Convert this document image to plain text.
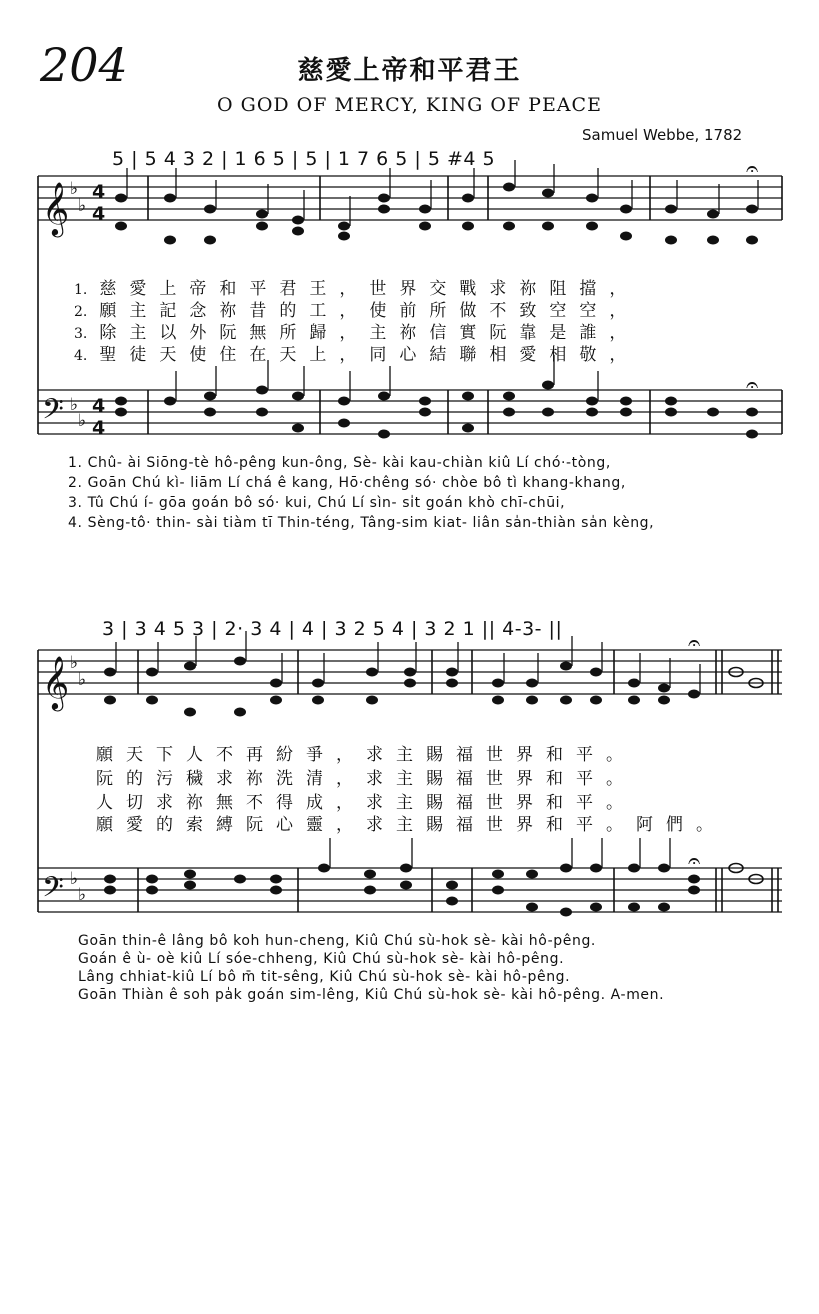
204	慈愛上帝和平君王
O GOD OF MERCY, KING OF PEACE
Samuel Webbe, 1782
5 | 5 4 3 2 | 1 6 5 | 5 | 1 7 6 5 | 5 #4 5
𝄞
𝄢
𝄞
𝄢
♭
♭
♭
♭
♭
♭
♭
♭
4
4
4
4
𝄐
𝄐
𝄐
𝄐
1. 慈愛上帝和平君王，世界交戰求祢阻擋，
2. 願主記念祢昔的工，使前所做不致空空，
3. 除主以外阮無所歸，主祢信實阮靠是誰，
4. 聖徒天使住在天上，同心結聯相愛相敬，
1. Chû- ài Siōng-tè hô-pêng kun-ông, Sè- kài kau-chiàn kiû Lí chó·-tòng,
2. Goān Chú kì- liām Lí chá ê kang, Hō·chêng só· chòe bô tì khang-khang,
3. Tû Chú í- gōa goán bô só· kui, Chú Lí sìn- si̍t goán khò chī-chūi,
4. Sèng-tô· thin- sài tiàm tī Thin-téng, Tâng-sim kiat- liân sa̍n-thiàn sa̍n kèng,
3 | 3 4 5 3 | 2· 3 4 | 4 | 3 2 5 4 | 3 2 1 || 4-3- ||
願天下人不再紛爭，求主賜福世界和平。
阮的污穢求祢洗清，求主賜福世界和平。
人切求祢無不得成，求主賜福世界和平。
願愛的索縛阮心靈，求主賜福世界和平。阿們。
Goān thin-ê lâng bô koh hun-cheng, Kiû Chú sù-hok sè- kài hô-pêng.
Goán ê ù- oè kiû Lí sóe-chheng, Kiû Chú sù-hok sè- kài hô-pêng.
Lâng chhiat-kiû Lí bô m̄ tit-sêng, Kiû Chú sù-hok sè- kài hô-pêng.
Goān Thiàn ê soh pa̍k goán sim-lêng, Kiû Chú sù-hok sè- kài hô-pêng. A-men.
